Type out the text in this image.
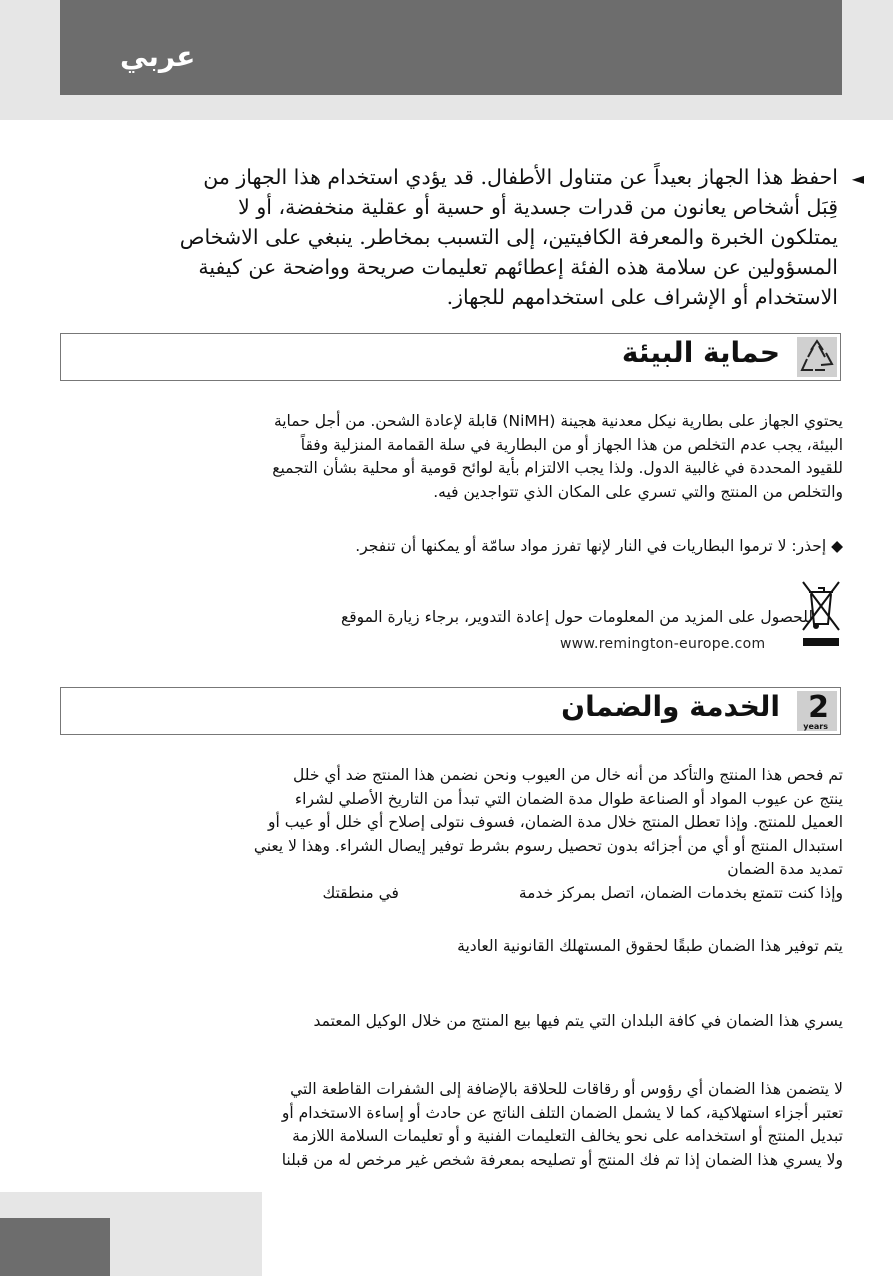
عربي
◄
احفظ هذا الجهاز بعيداً عن متناول الأطفال. قد يؤدي استخدام هذا الجهاز من
قِبَل أشخاص يعانون من قدرات جسدية أو حسية أو عقلية منخفضة، أو لا
يمتلكون الخبرة والمعرفة الكافيتين، إلى التسبب بمخاطر. ينبغي على الاشخاص
المسؤولين عن سلامة هذه الفئة إعطائهم تعليمات صريحة وواضحة عن كيفية
الاستخدام أو الإشراف على استخدامهم للجهاز.
حماية البيئة
يحتوي الجهاز على بطارية نيكل معدنية هجينة (NiMH) قابلة لإعادة الشحن. من أجل حماية
البيئة، يجب عدم التخلص من هذا الجهاز أو من البطارية في سلة القمامة المنزلية وفقاً
للقيود المحددة في غالبية الدول. ولذا يجب الالتزام بأية لوائح قومية أو محلية بشأن التجميع
والتخلص من المنتج والتي تسري على المكان الذي تتواجدين فيه.
◆ إحذر: لا ترموا البطاريات في النار لإنها تفرز مواد سامّة أو يمكنها أن تنفجر.
للحصول على المزيد من المعلومات حول إعادة التدوير، برجاء زيارة الموقع
www.remington-europe.com
2
years
الخدمة والضمان
تم فحص هذا المنتج والتأكد من أنه خال من العيوب ونحن نضمن هذا المنتج ضد أي خلل
ينتج عن عيوب المواد أو الصناعة طوال مدة الضمان التي تبدأ من التاريخ الأصلي لشراء
العميل للمنتج. وإذا تعطل المنتج خلال مدة الضمان، فسوف نتولى إصلاح أي خلل أو عيب أو
استبدال المنتج أو أي من أجزائه بدون تحصيل رسوم بشرط توفير إيصال الشراء. وهذا لا يعني
تمديد مدة الضمان
وإذا كنت تتمتع بخدمات الضمان، اتصل بمركز خدمة  في منطقتك
يتم توفير هذا الضمان طبقًا لحقوق المستهلك القانونية العادية
يسري هذا الضمان في كافة البلدان التي يتم فيها بيع المنتج من خلال الوكيل المعتمد
لا يتضمن هذا الضمان أي رؤوس أو رقاقات للحلاقة بالإضافة إلى الشفرات القاطعة التي
تعتبر أجزاء استهلاكية، كما لا يشمل الضمان التلف الناتج عن حادث أو إساءة الاستخدام أو
تبديل المنتج أو استخدامه على نحو يخالف التعليمات الفنية و أو تعليمات السلامة اللازمة
ولا يسري هذا الضمان إذا تم فك المنتج أو تصليحه بمعرفة شخص غير مرخص له من قبلنا
